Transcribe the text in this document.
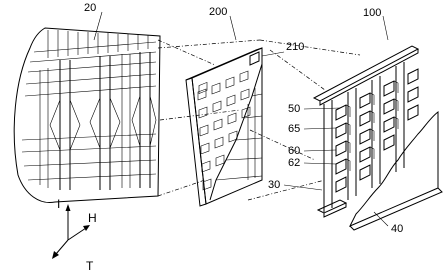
20	200
210
100
50
65
60
62
30
40
I
H
T
